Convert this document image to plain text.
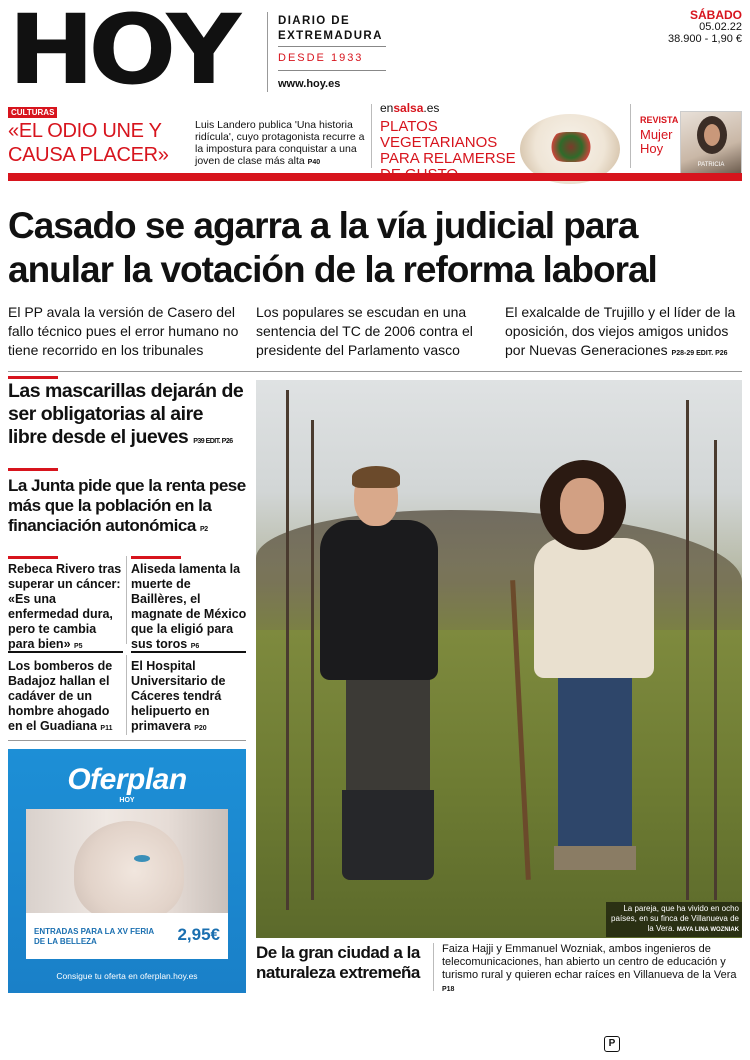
HOY	DIARIO DE
EXTREMADURA
DESDE 1933
www.hoy.es
SÁBADO
05.02.22
38.900 - 1,90 €
CULTURAS
«EL ODIO UNE Y CAUSA PLACER»
Luis Landero publica 'Una historia ridícula', cuyo protagonista recurre a la impostura para conquistar a una joven de clase más alta P40
ensalsa.es
PLATOS VEGETARIANOS PARA RELAMERSE
REVISTA
Mujer Hoy
PATRICIA
Casado se agarra a la vía judicial para anular la votación de la reforma laboral
El PP avala la versión de Casero del fallo técnico pues el error humano no tiene recorrido en los tribunales
Los populares se escudan en una sentencia del TC de 2006 contra el presidente del Parlamento vasco
El exalcalde de Trujillo y el líder de la oposición, dos viejos amigos unidos por Nuevas Generaciones P28-29 EDIT. P26
Las mascarillas dejarán de ser obligatorias al aire libre desde el jueves P39 EDIT. P26
La Junta pide que la renta pese más que la población en la financiación autonómica P2
Rebeca Rivero tras superar un cáncer: «Es una enfermedad dura, pero te cambia para bien» P5
Aliseda lamenta la muerte de Baillères, el magnate de México que la eligió para sus toros P6
Los bomberos de Badajoz hallan el cadáver de un hombre ahogado en el Guadiana P11
El Hospital Universitario de Cáceres tendrá helipuerto en primavera P20
Oferplan
HOY
ENTRADAS PARA LA XV FERIA DE LA BELLEZA	2,95€
Consigue tu oferta en oferplan.hoy.es
La pareja, que ha vivido en ocho países, en su finca de Villanueva de la Vera. MAYA LINA WOZNIAK
De la gran ciudad a la naturaleza extremeña
Faiza Hajji y Emmanuel Wozniak, ambos ingenieros de telecomunicaciones, han abierto un centro de educación y turismo rural y quieren echar raíces en Villanueva de la Vera P18
P
